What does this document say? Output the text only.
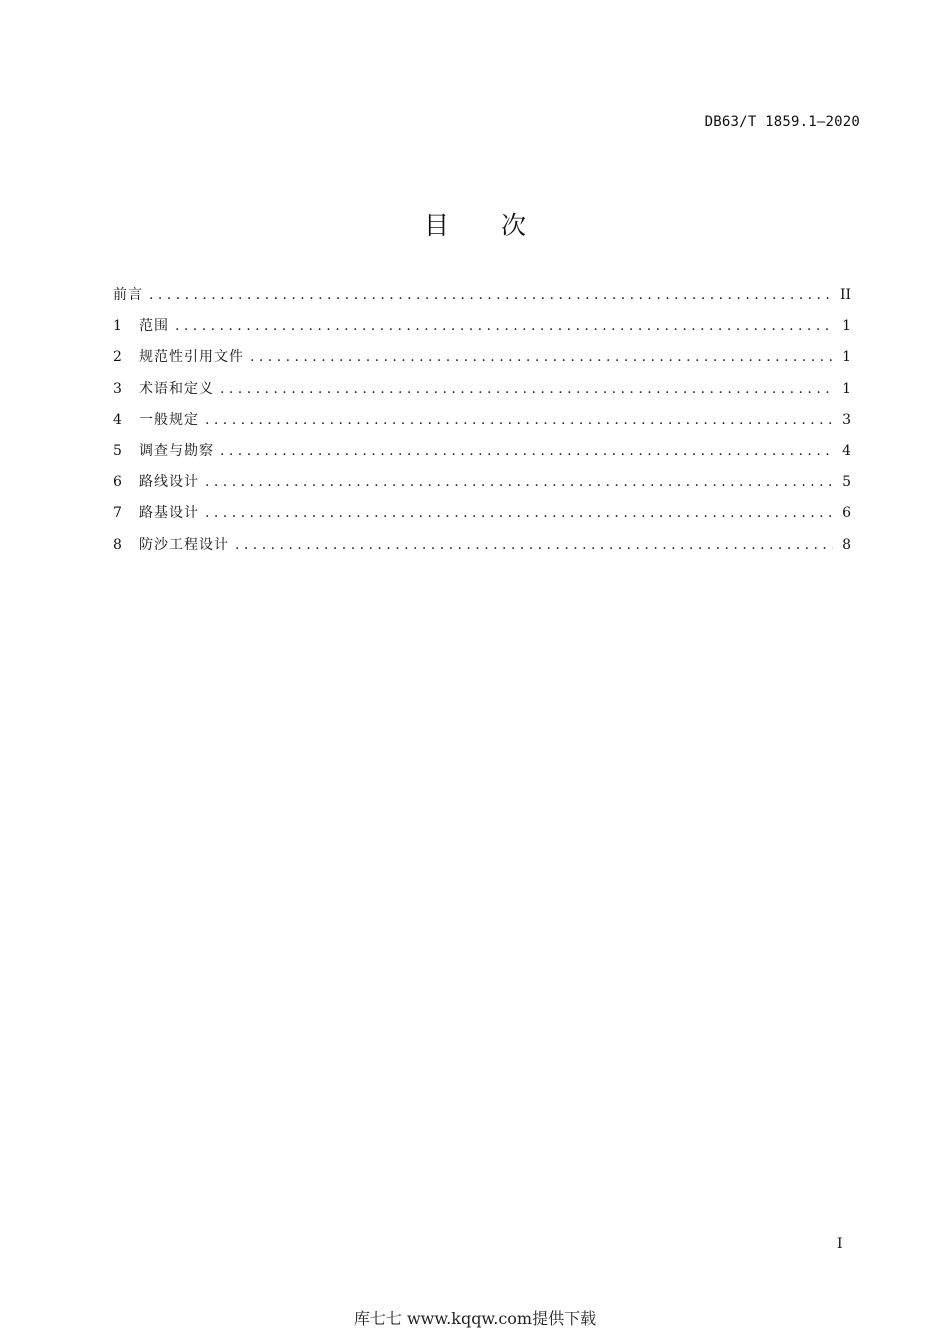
DB63/T 1859.1—2020
目次
前言 . . .	II
1	范围 . . .	1
2	规范性引用文件 . . .	1
3	术语和定义 . . .	1
4	一般规定 . . .	3
5	调查与勘察 . . .	4
6	路线设计 . . .	5
7	路基设计 . . .	6
8	防沙工程设计 . . .	8
I
库七七 www.kqqw.com提供下载
